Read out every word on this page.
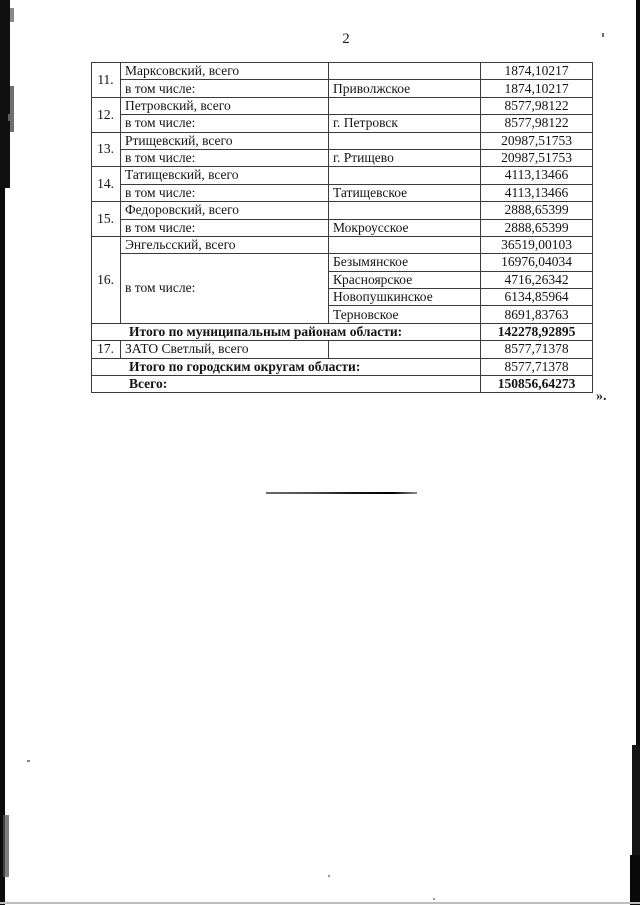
2
11.	Марксовский, всего		1874,10217
	в том числе:	Приволжское	1874,10217
12.	Петровский, всего		8577,98122
	в том числе:	г. Петровск	8577,98122
13.	Ртищевский, всего		20987,51753
	в том числе:	г. Ртищево	20987,51753
14.	Татищевский, всего		4113,13466
	в том числе:	Татищевское	4113,13466
15.	Федоровский, всего		2888,65399
	в том числе:	Мокроусское	2888,65399
16.	Энгельсский, всего		36519,00103
	в том числе:	Безымянское	16976,04034
		Красноярское	4716,26342
		Новопушкинское	6134,85964
		Терновское	8691,83763
Итого по муниципальным районам области:			142278,92895
17.	ЗАТО Светлый, всего		8577,71378
Итого по городским округам области:			8577,71378
Всего:			150856,64273
».
